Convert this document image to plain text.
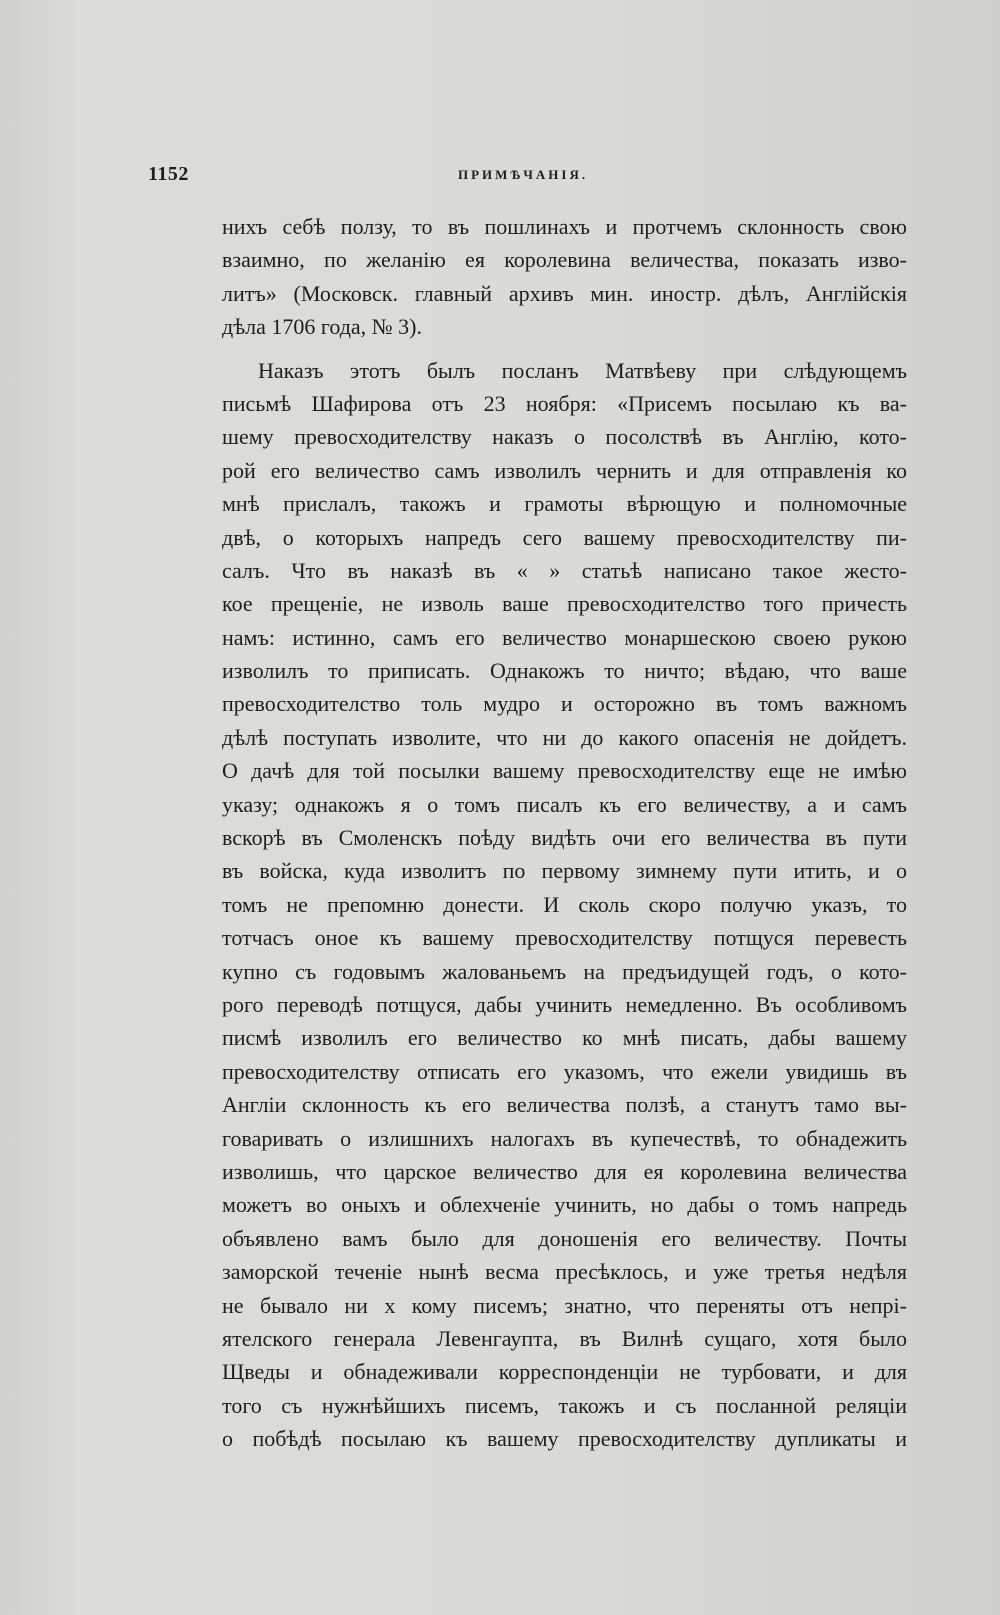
1152	ПРИМѢЧАНІЯ.
нихъ себѣ ползу, то въ пошлинахъ и протчемъ склонность свою
взаимно, по желанію ея королевина величества, показать изво-
литъ» (Московск. главный архивъ мин. иностр. дѣлъ, Англійскія
дѣла 1706 года, № 3).
Наказъ этотъ былъ посланъ Матвѣеву при слѣдующемъ
письмѣ Шафирова отъ 23 ноября: «Присемъ посылаю къ ва-
шему превосходителству наказъ о посолствѣ въ Англію, кото-
рой его величество самъ изволилъ чернить и для отправленія ко
мнѣ прислалъ, такожъ и грамоты вѣрющую и полномочные
двѣ, о которыхъ напредъ сего вашему превосходителству пи-
салъ. Что въ наказѣ въ « » статьѣ написано такое жесто-
кое прещеніе, не изволь ваше превосходителство того причесть
намъ: истинно, самъ его величество монаршескою своею рукою
изволилъ то приписать. Однакожъ то ничто; вѣдаю, что ваше
превосходителство толь мудро и осторожно въ томъ важномъ
дѣлѣ поступать изволите, что ни до какого опасенія не дойдетъ.
О дачѣ для той посылки вашему превосходителству еще не имѣю
указу; однакожъ я о томъ писалъ къ его величеству, а и самъ
вскорѣ въ Смоленскъ поѣду видѣть очи его величества въ пути
въ войска, куда изволитъ по первому зимнему пути итить, и о
томъ не препомню донести. И сколь скоро получю указъ, то
тотчасъ оное къ вашему превосходителству потщуся перевесть
купно съ годовымъ жалованьемъ на предъидущей годъ, о кото-
рого переводѣ потщуся, дабы учинить немедленно. Въ особливомъ
писмѣ изволилъ его величество ко мнѣ писать, дабы вашему
превосходителству отписать его указомъ, что ежели увидишь въ
Англіи склонность къ его величества ползѣ, а станутъ тамо вы-
говаривать о излишнихъ налогахъ въ купечествѣ, то обнадежить
изволишь, что царское величество для ея королевина величества
можетъ во оныхъ и облехченіе учинить, но дабы о томъ напредь
объявлено вамъ было для доношенія его величеству. Почты
заморской теченіе нынѣ весма пресѣклось, и уже третья недѣля
не бывало ни х кому писемъ; знатно, что переняты отъ непрі-
ятелского генерала Левенгаупта, въ Вилнѣ сущаго, хотя было
Щведы и обнадеживали корреспонденціи не турбовати, и для
того съ нужнѣйшихъ писемъ, такожъ и съ посланной реляціи
о побѣдѣ посылаю къ вашему превосходителству дупликаты и
